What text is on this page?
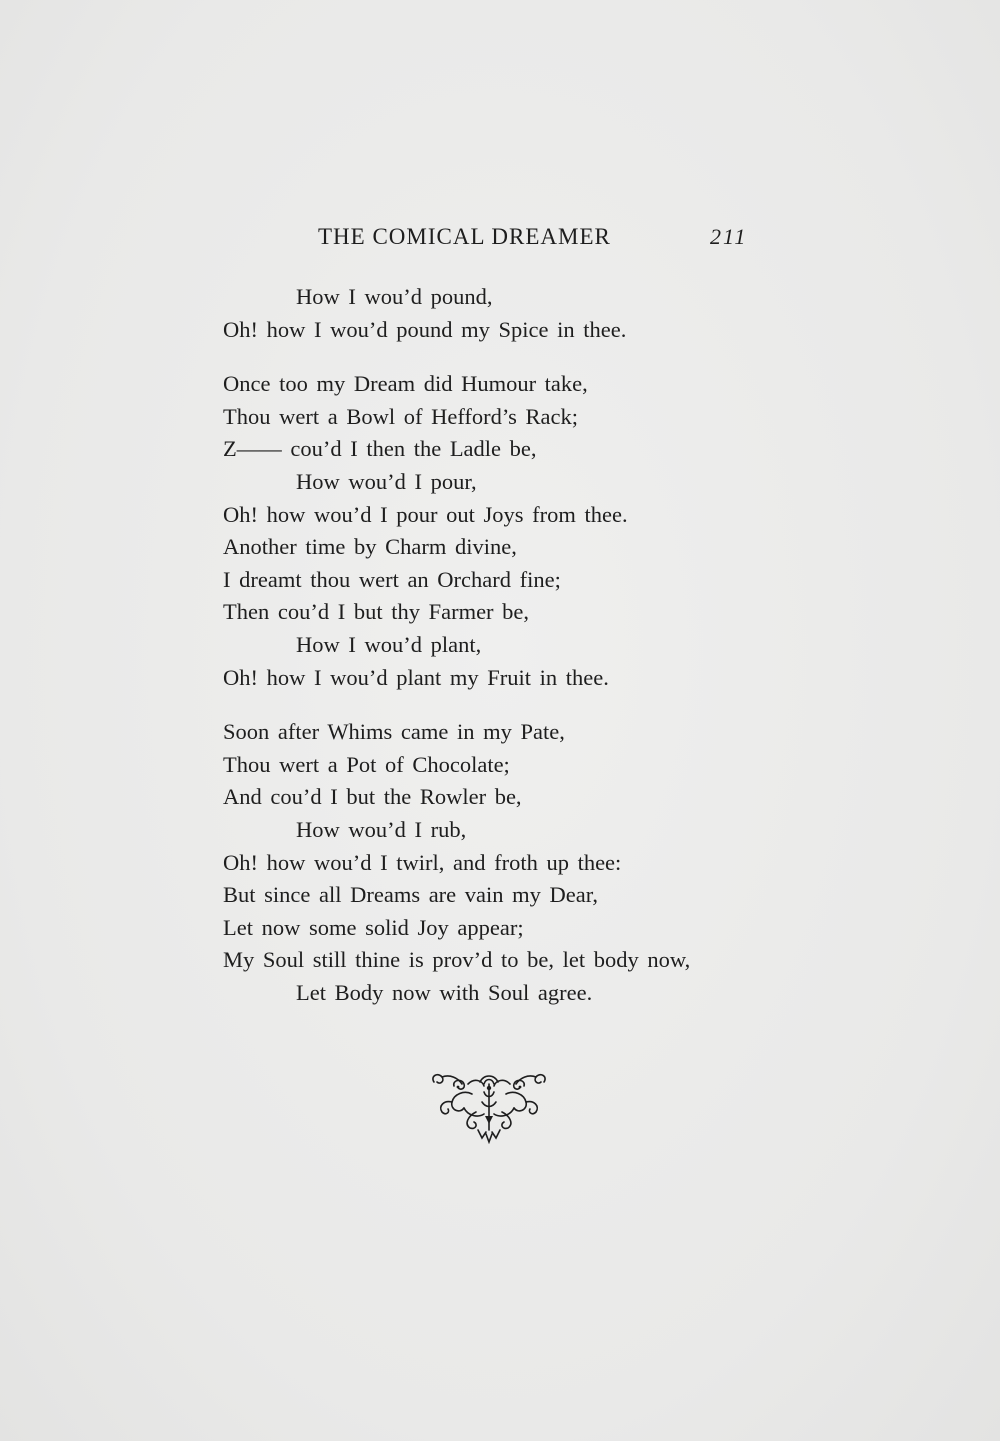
THE COMICAL DREAMER	211
How I wou’d pound,
Oh! how I wou’d pound my Spice in thee.
Once too my Dream did Humour take,
Thou wert a Bowl of Hefford’s Rack;
Z—— cou’d I then the Ladle be,
How wou’d I pour,
Oh! how wou’d I pour out Joys from thee.
Another time by Charm divine,
I dreamt thou wert an Orchard fine;
Then cou’d I but thy Farmer be,
How I wou’d plant,
Oh! how I wou’d plant my Fruit in thee.
Soon after Whims came in my Pate,
Thou wert a Pot of Chocolate;
And cou’d I but the Rowler be,
How wou’d I rub,
Oh! how wou’d I twirl, and froth up thee:
But since all Dreams are vain my Dear,
Let now some solid Joy appear;
My Soul still thine is prov’d to be, let body now,
Let Body now with Soul agree.
